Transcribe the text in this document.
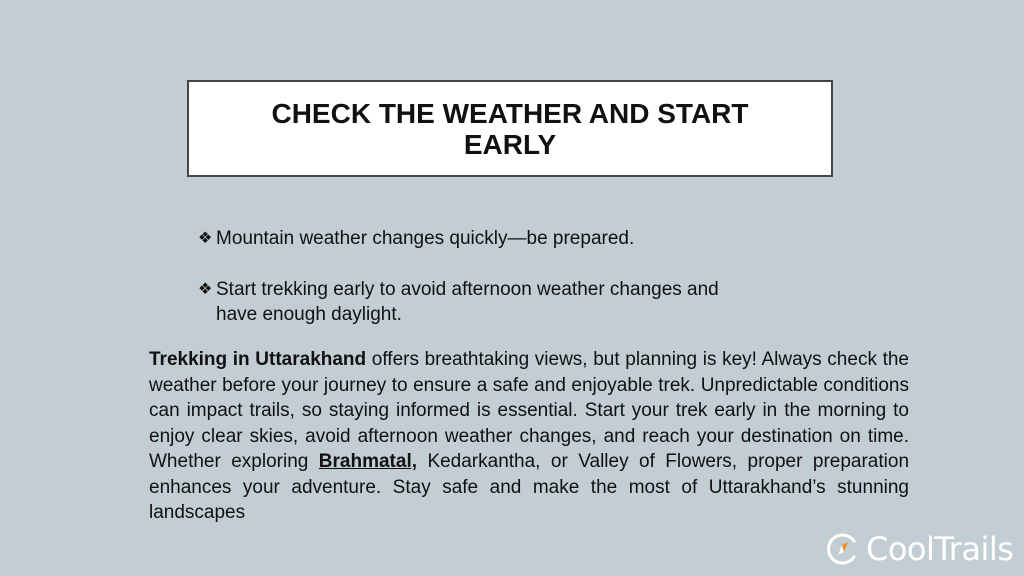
CHECK THE WEATHER AND START EARLY
❖ Mountain weather changes quickly—be prepared.
❖ Start trekking early to avoid afternoon weather changes and have enough daylight.

Trekking in Uttarakhand offers breathtaking views, but planning is key! Always check the weather before your journey to ensure a safe and enjoyable trek. Unpredictable conditions can impact trails, so staying informed is essential. Start your trek early in the morning to enjoy clear skies, avoid afternoon weather changes, and reach your destination on time. Whether exploring Brahmatal, Kedarkantha, or Valley of Flowers, proper preparation enhances your adventure. Stay safe and make the most of Uttarakhand’s stunning landscapes

CoolTrails
